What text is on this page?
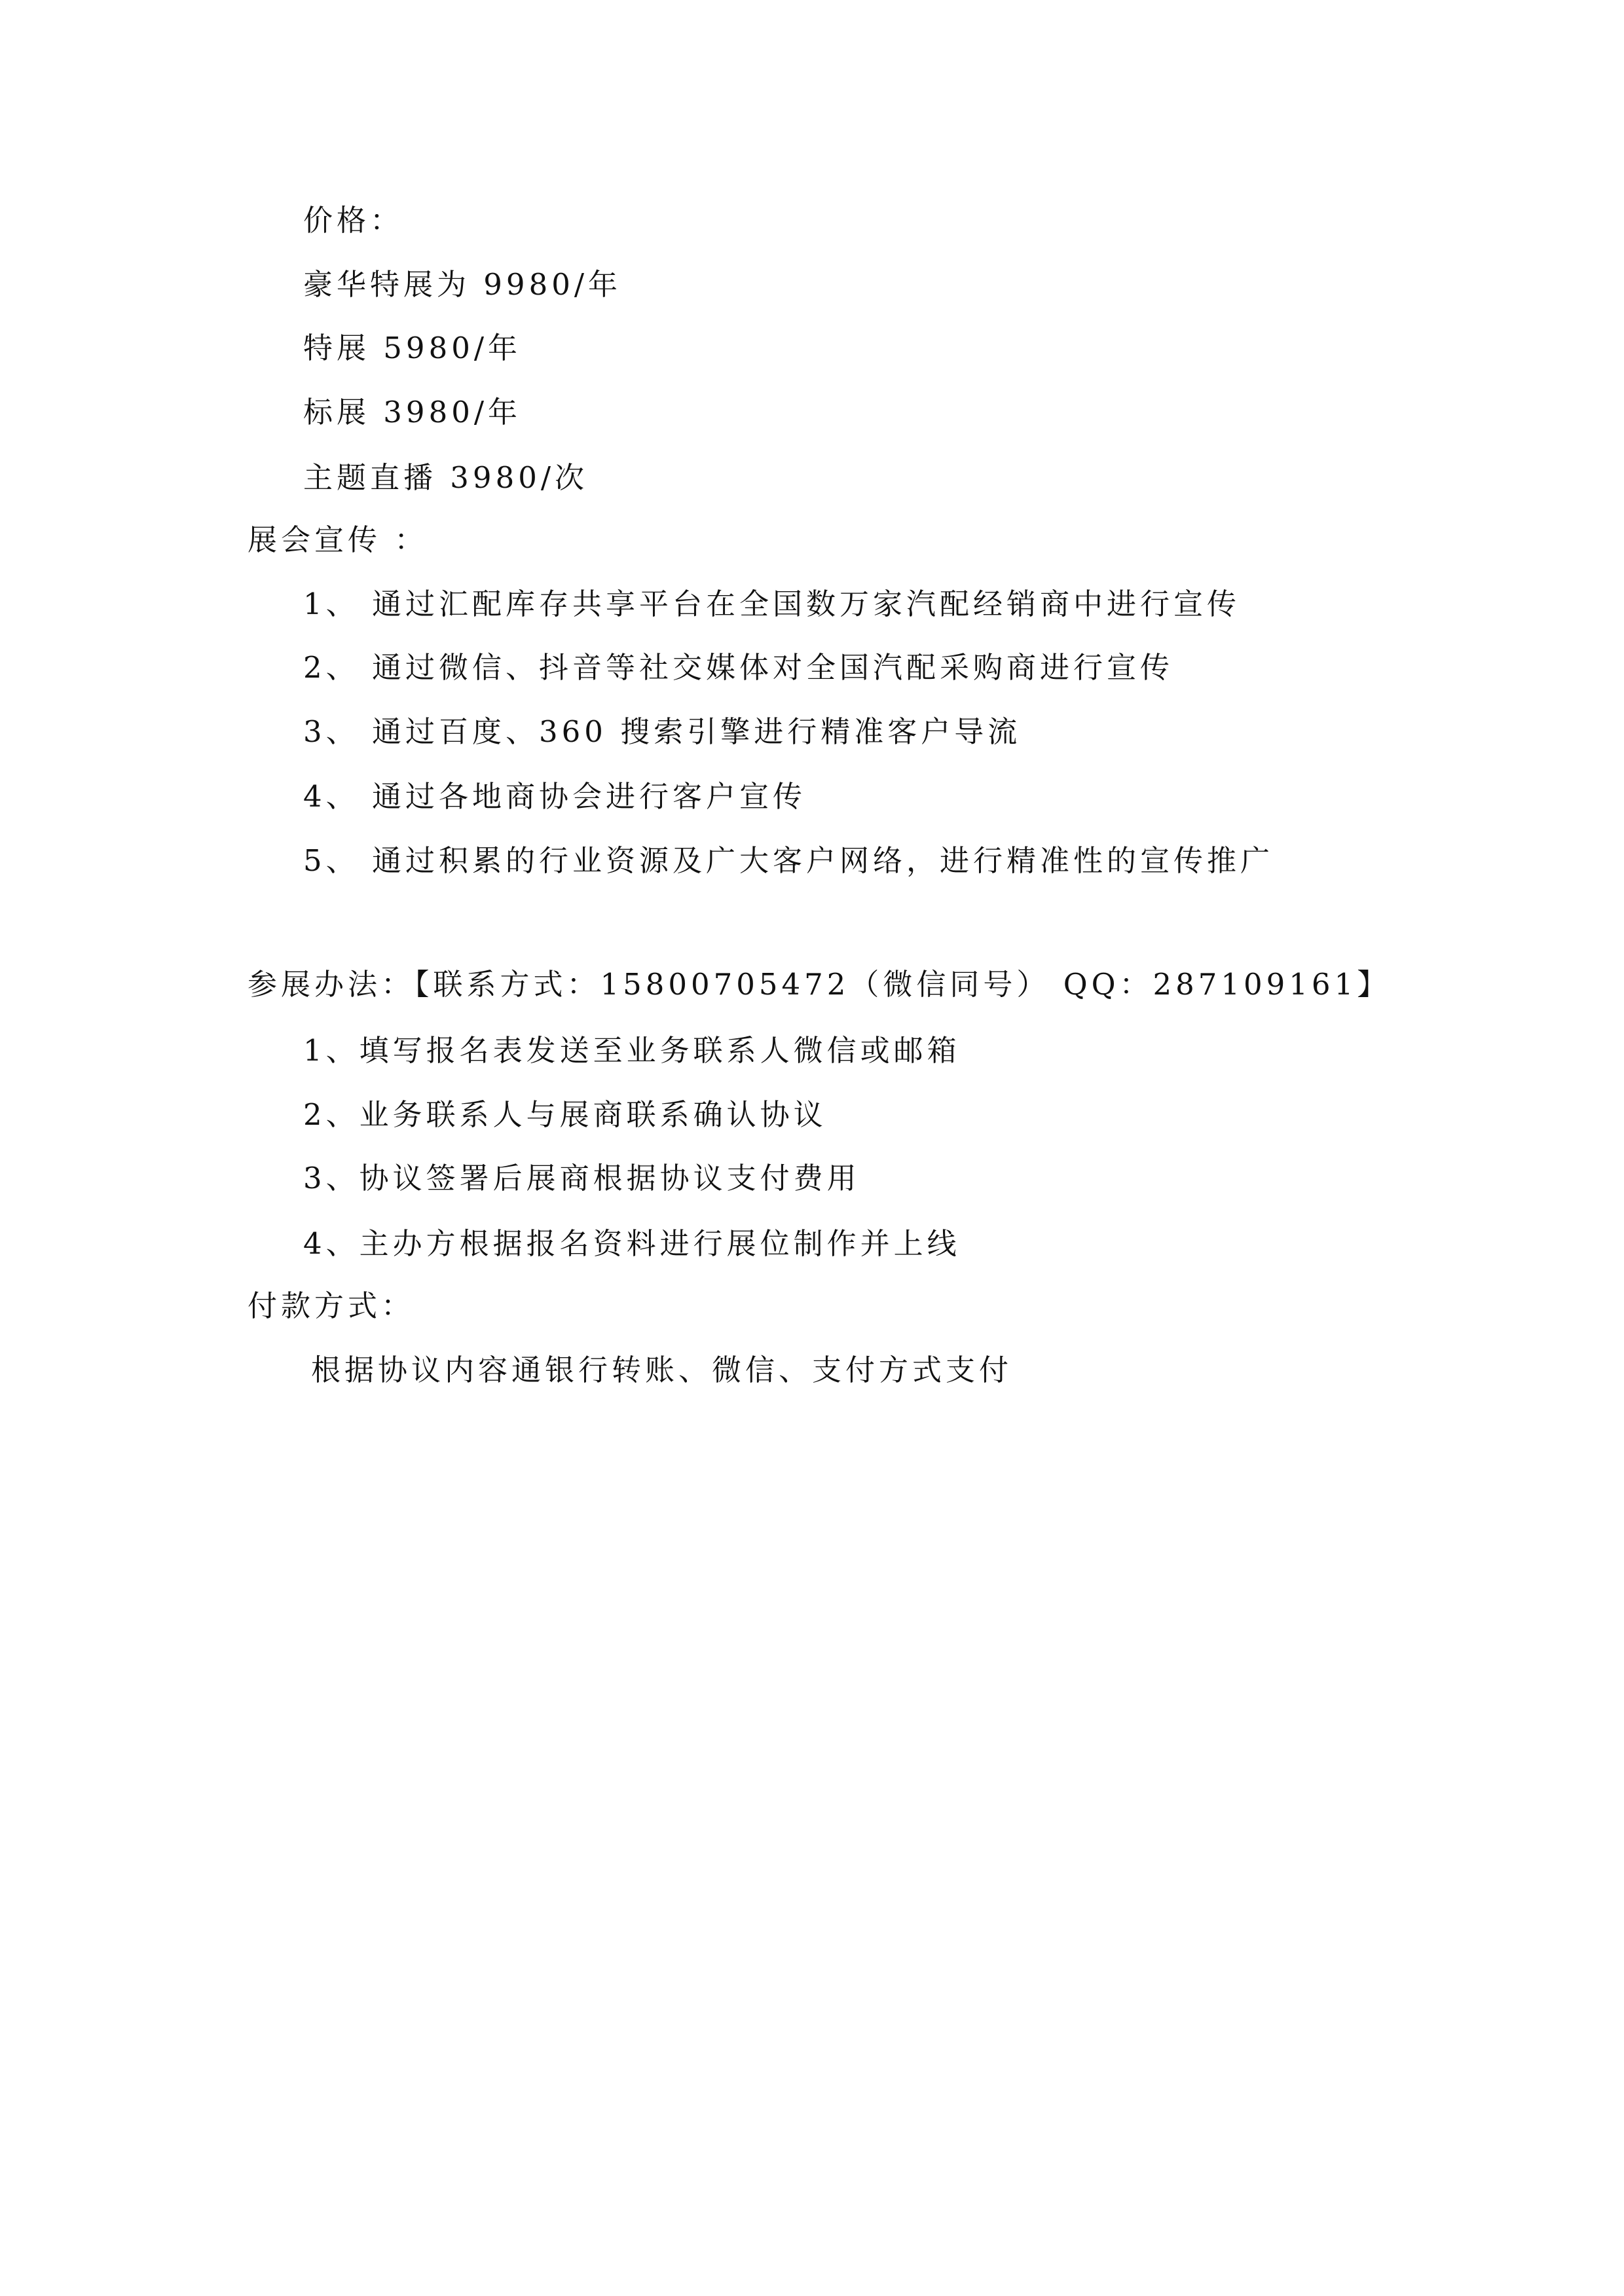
价格：
豪华特展为 9980/年
特展 5980/年
标展 3980/年
主题直播 3980/次
展会宣传 ：
1、 通过汇配库存共享平台在全国数万家汽配经销商中进行宣传
2、 通过微信、抖音等社交媒体对全国汽配采购商进行宣传
3、 通过百度、360 搜索引擎进行精准客户导流
4、 通过各地商协会进行客户宣传
5、 通过积累的行业资源及广大客户网络，进行精准性的宣传推广
参展办法：【联系方式：15800705472（微信同号） QQ：287109161】
1、填写报名表发送至业务联系人微信或邮箱
2、业务联系人与展商联系确认协议
3、协议签署后展商根据协议支付费用
4、主办方根据报名资料进行展位制作并上线
付款方式：
根据协议内容通银行转账、微信、支付方式支付
